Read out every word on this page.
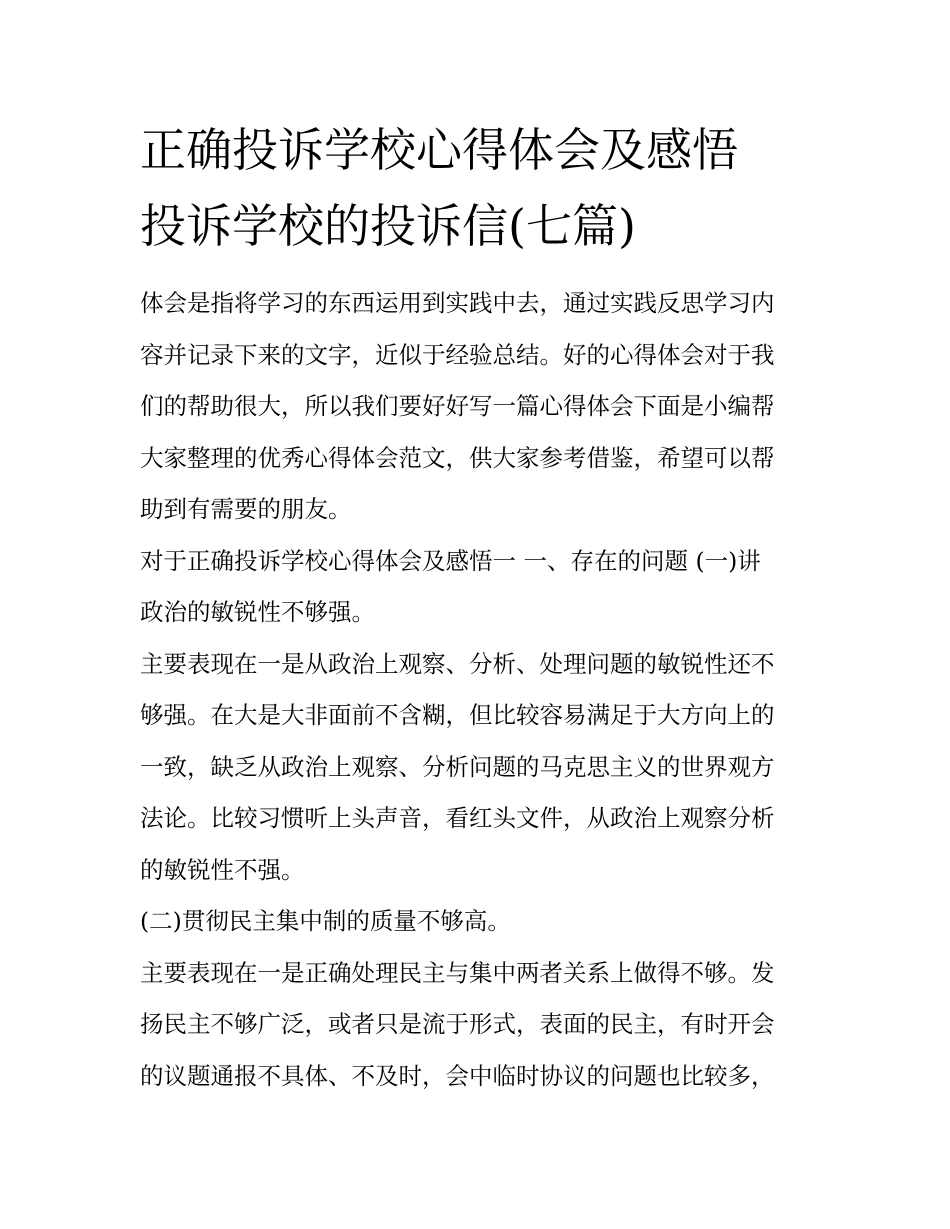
正确投诉学校心得体会及感悟
投诉学校的投诉信(七篇)
体会是指将学习的东西运用到实践中去，通过实践反思学习内
容并记录下来的文字，近似于经验总结。好的心得体会对于我
们的帮助很大，所以我们要好好写一篇心得体会下面是小编帮
大家整理的优秀心得体会范文，供大家参考借鉴，希望可以帮
助到有需要的朋友。
对于正确投诉学校心得体会及感悟一 一、存在的问题 (一)讲
政治的敏锐性不够强。
主要表现在一是从政治上观察、分析、处理问题的敏锐性还不
够强。在大是大非面前不含糊，但比较容易满足于大方向上的
一致，缺乏从政治上观察、分析问题的马克思主义的世界观方
法论。比较习惯听上头声音，看红头文件，从政治上观察分析
的敏锐性不强。
(二)贯彻民主集中制的质量不够高。
主要表现在一是正确处理民主与集中两者关系上做得不够。发
扬民主不够广泛，或者只是流于形式，表面的民主，有时开会
的议题通报不具体、不及时，会中临时协议的问题也比较多，
